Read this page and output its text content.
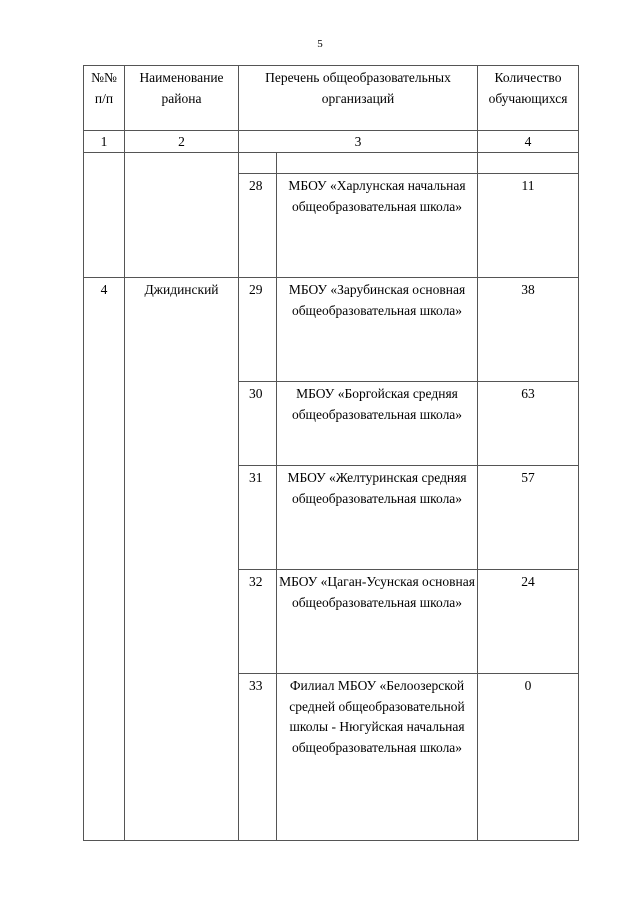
5
№№ п/п	Наименование района	Перечень общеобразовательных организаций		Количество обучающихся
1	2	3		4

		28	МБОУ «Харлунская начальная общеобразовательная школа»	11
4	Джидинский	29	МБОУ «Зарубинская основная общеобразовательная школа»	38
		30	МБОУ «Боргойская средняя общеобразовательная школа»	63
		31	МБОУ «Желтуринская средняя общеобразовательная школа»	57
		32	МБОУ «Цаган-Усунская основная общеобразовательная школа»	24
		33	Филиал МБОУ «Белоозерской средней общеобразовательной школы - Нюгуйская начальная общеобразовательная школа»	0
